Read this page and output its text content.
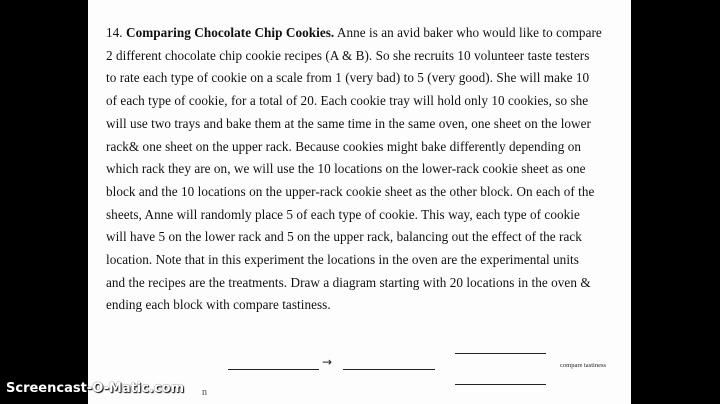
14. Comparing Chocolate Chip Cookies. Anne is an avid baker who would like to compare
2 different chocolate chip cookie recipes (A & B). So she recruits 10 volunteer taste testers
to rate each type of cookie on a scale from 1 (very bad) to 5 (very good). She will make 10
of each type of cookie, for a total of 20. Each cookie tray will hold only 10 cookies, so she
will use two trays and bake them at the same time in the same oven, one sheet on the lower
rack& one sheet on the upper rack. Because cookies might bake differently depending on
which rack they are on, we will use the 10 locations on the lower-rack cookie sheet as one
block and the 10 locations on the upper-rack cookie sheet as the other block. On each of the
sheets, Anne will randomly place 5 of each type of cookie. This way, each type of cookie
will have 5 on the lower rack and 5 on the upper rack, balancing out the effect of the rack
location. Note that in this experiment the locations in the oven are the experimental units
and the recipes are the treatments. Draw a diagram starting with 20 locations in the oven &
ending each block with compare tastiness.
→	compare tastiness
n
Screencast-O-Matic.com
